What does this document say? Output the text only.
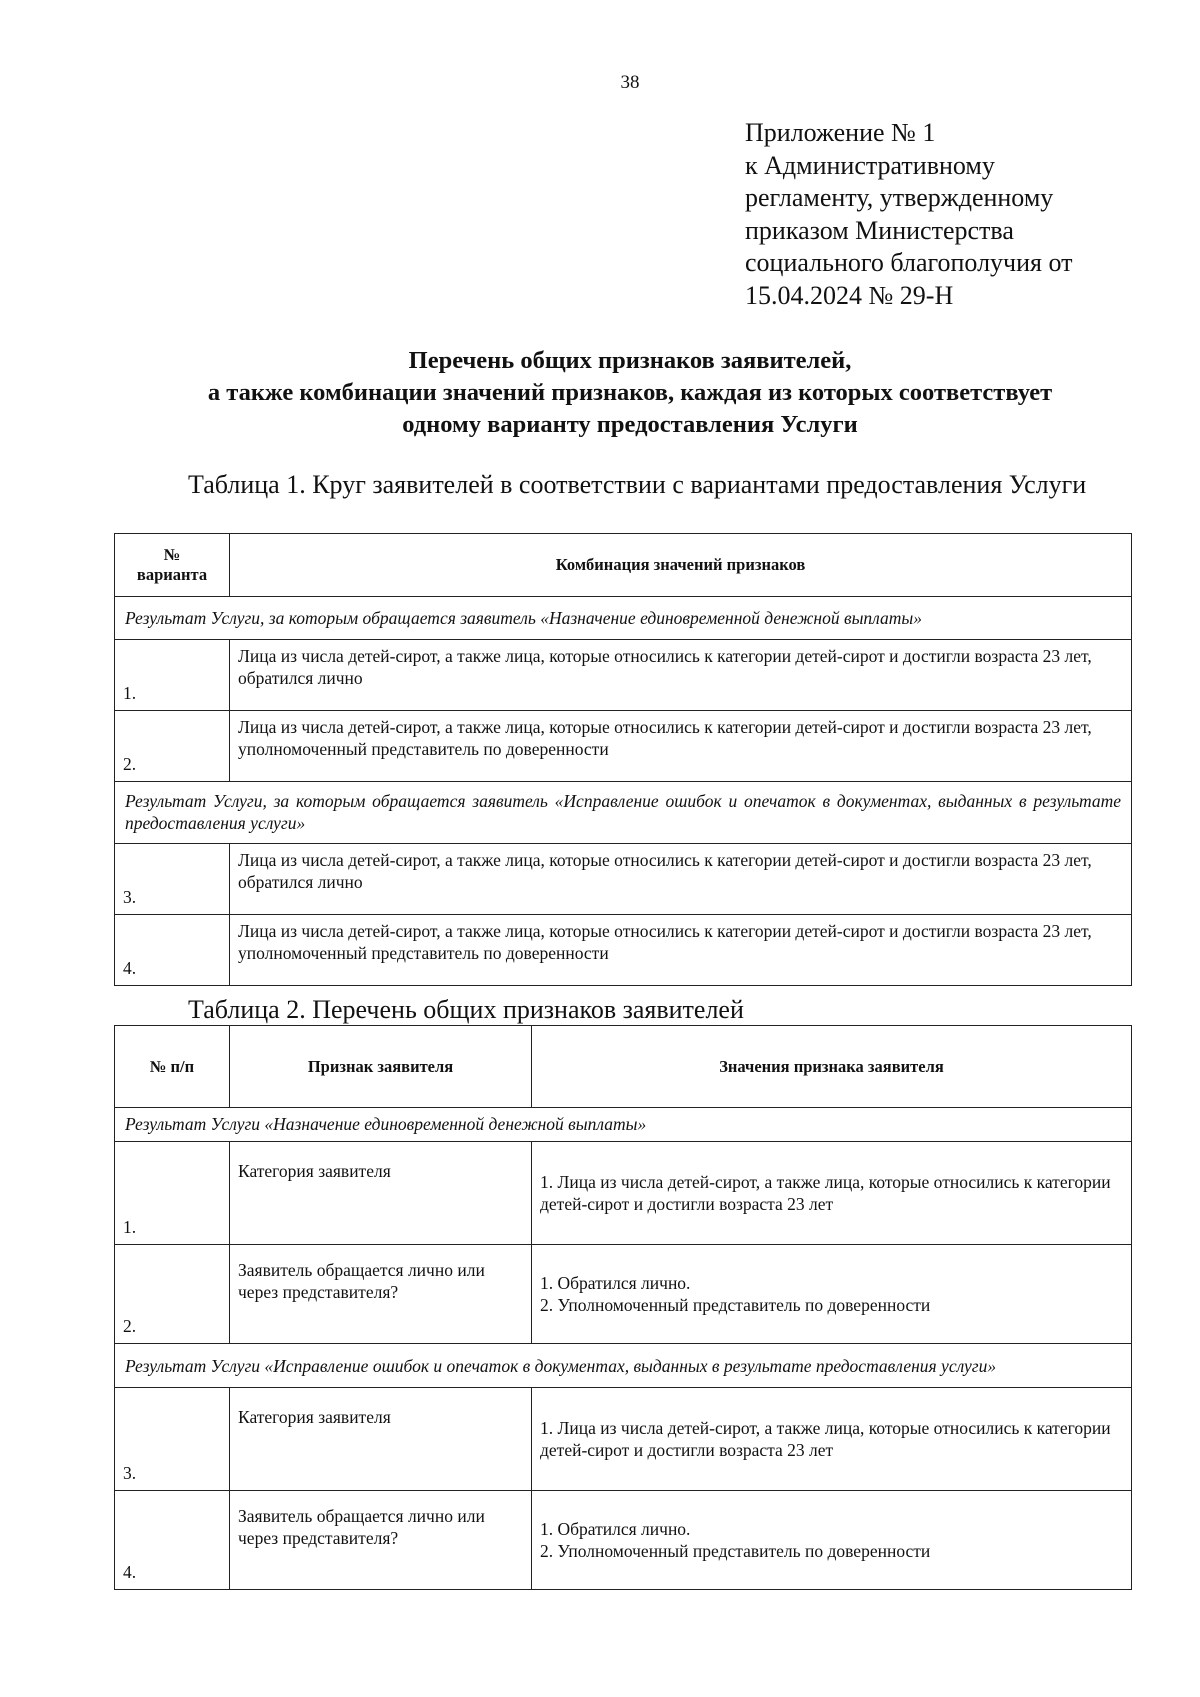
38
Приложение № 1
к Административному
регламенту, утвержденному
приказом Министерства
социального благополучия от
15.04.2024 № 29-Н
Перечень общих признаков заявителей,
а также комбинации значений признаков, каждая из которых соответствует
одному варианту предоставления Услуги
Таблица 1. Круг заявителей в соответствии с вариантами предоставления Услуги
№
варианта	Комбинация значений признаков
Результат Услуги, за которым обращается заявитель «Назначение единовременной денежной выплаты»	
1.	Лица из числа детей-сирот, а также лица, которые относились к категории детей-сирот и достигли возраста 23 лет, обратился лично
2.	Лица из числа детей-сирот, а также лица, которые относились к категории детей-сирот и достигли возраста 23 лет, уполномоченный представитель по доверенности
Результат Услуги, за которым обращается заявитель «Исправление ошибок и опечаток в документах, выданных в результате предоставления услуги»	
3.	Лица из числа детей-сирот, а также лица, которые относились к категории детей-сирот и достигли возраста 23 лет, обратился лично
4.	Лица из числа детей-сирот, а также лица, которые относились к категории детей-сирот и достигли возраста 23 лет, уполномоченный представитель по доверенности
Таблица 2. Перечень общих признаков заявителей
№ п/п	Признак заявителя	Значения признака заявителя
Результат Услуги «Назначение единовременной денежной выплаты»		
1.	Категория заявителя	1. Лица из числа детей-сирот, а также лица, которые относились к категории детей-сирот и достигли возраста 23 лет

2.	Заявитель обращается лично или через представителя?	1. Обратился лично.
2. Уполномоченный представитель по доверенности

Результат Услуги «Исправление ошибок и опечаток в документах, выданных в результате предоставления услуги»		
3.	Категория заявителя	1. Лица из числа детей-сирот, а также лица, которые относились к категории детей-сирот и достигли возраста 23 лет

4.	Заявитель обращается лично или через представителя?	1. Обратился лично.
2. Уполномоченный представитель по доверенности
